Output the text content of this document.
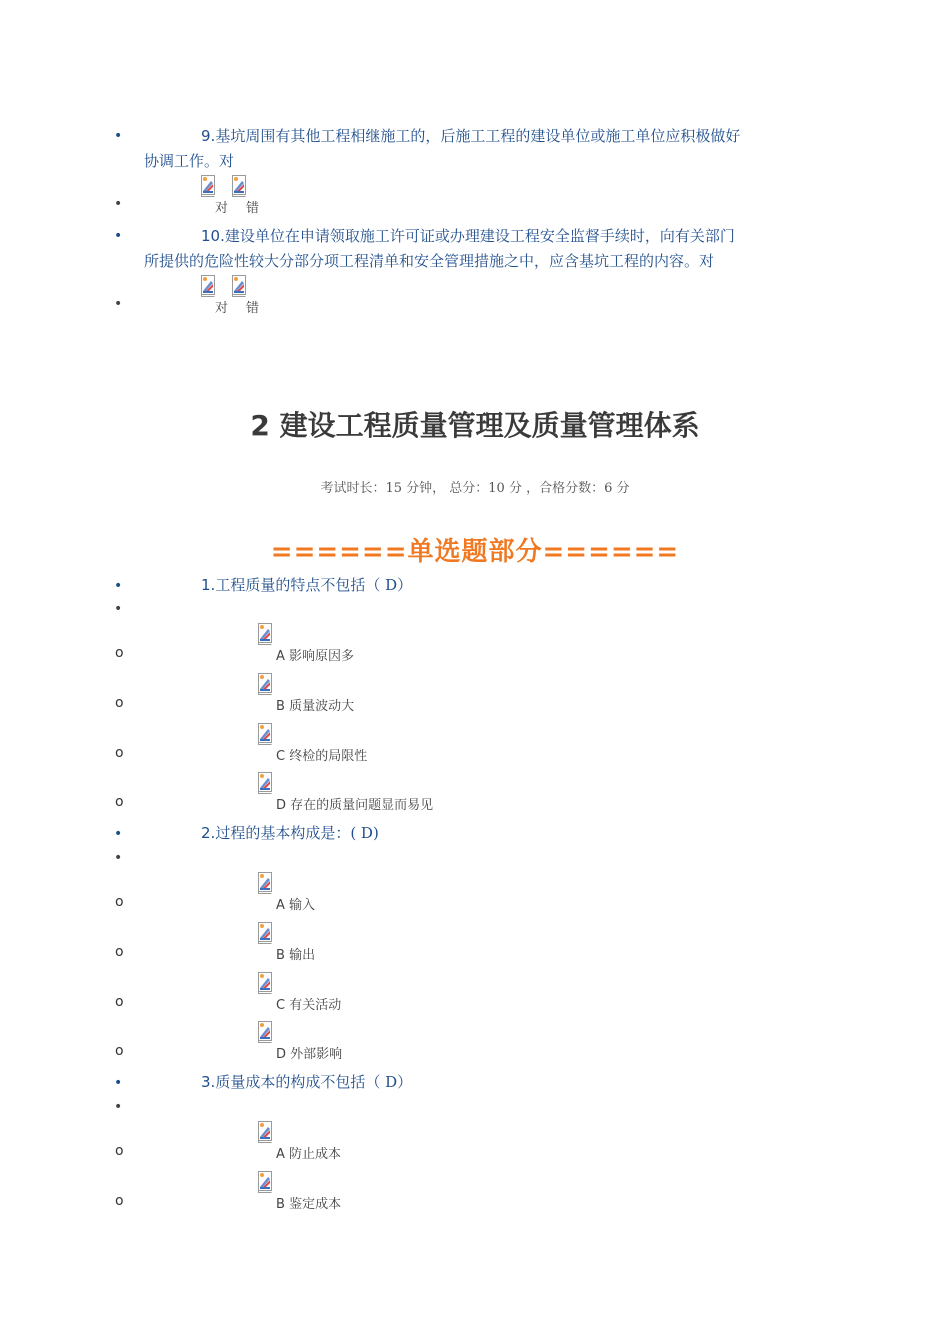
•	9.基坑周围有其他工程相继施工的，后施工工程的建设单位或施工单位应积极做好
协调工作。对
•	对 错
•	10.建设单位在申请领取施工许可证或办理建设工程安全监督手续时，向有关部门
所提供的危险性较大分部分项工程清单和安全管理措施之中，应含基坑工程的内容。对
•	对 错
2 建设工程质量管理及质量管理体系
考试时长：15 分钟， 总分：10 分 ，合格分数：6 分
======单选题部分======
•	1.工程质量的特点不包括（ D）
•
o	A 影响原因多
o	B 质量波动大
o	C 终检的局限性
o	D 存在的质量问题显而易见
•	2.过程的基本构成是：( D)
•
o	A 输入
o	B 输出
o	C 有关活动
o	D 外部影响
•	3.质量成本的构成不包括（ D）
•
o	A 防止成本
o	B 鉴定成本
